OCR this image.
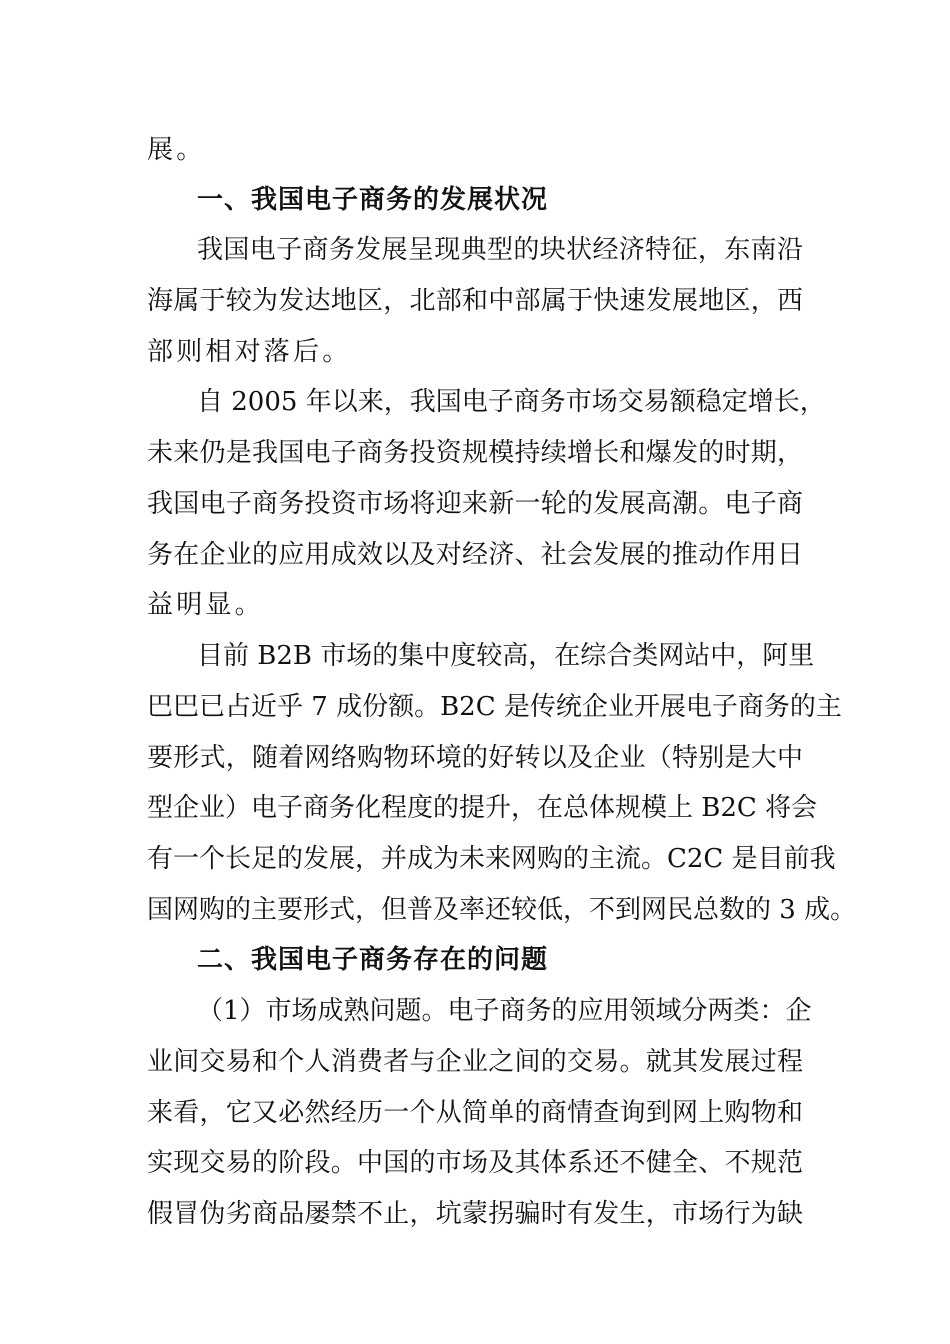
展。
一、我国电子商务的发展状况
我国电子商务发展呈现典型的块状经济特征，东南沿
海属于较为发达地区，北部和中部属于快速发展地区，西
部则相对落后。
自 2005 年以来，我国电子商务市场交易额稳定增长，
未来仍是我国电子商务投资规模持续增长和爆发的时期，
我国电子商务投资市场将迎来新一轮的发展高潮。电子商
务在企业的应用成效以及对经济、社会发展的推动作用日
益明显。
目前 B2B 市场的集中度较高，在综合类网站中，阿里
巴巴已占近乎 7 成份额。B2C 是传统企业开展电子商务的主
要形式，随着网络购物环境的好转以及企业（特别是大中
型企业）电子商务化程度的提升，在总体规模上 B2C 将会
有一个长足的发展，并成为未来网购的主流。C2C 是目前我
国网购的主要形式，但普及率还较低，不到网民总数的 3 成。
二、我国电子商务存在的问题
（1）市场成熟问题。电子商务的应用领域分两类：企
业间交易和个人消费者与企业之间的交易。就其发展过程
来看，它又必然经历一个从简单的商情查询到网上购物和
实现交易的阶段。中国的市场及其体系还不健全、不规范
假冒伪劣商品屡禁不止，坑蒙拐骗时有发生，市场行为缺
